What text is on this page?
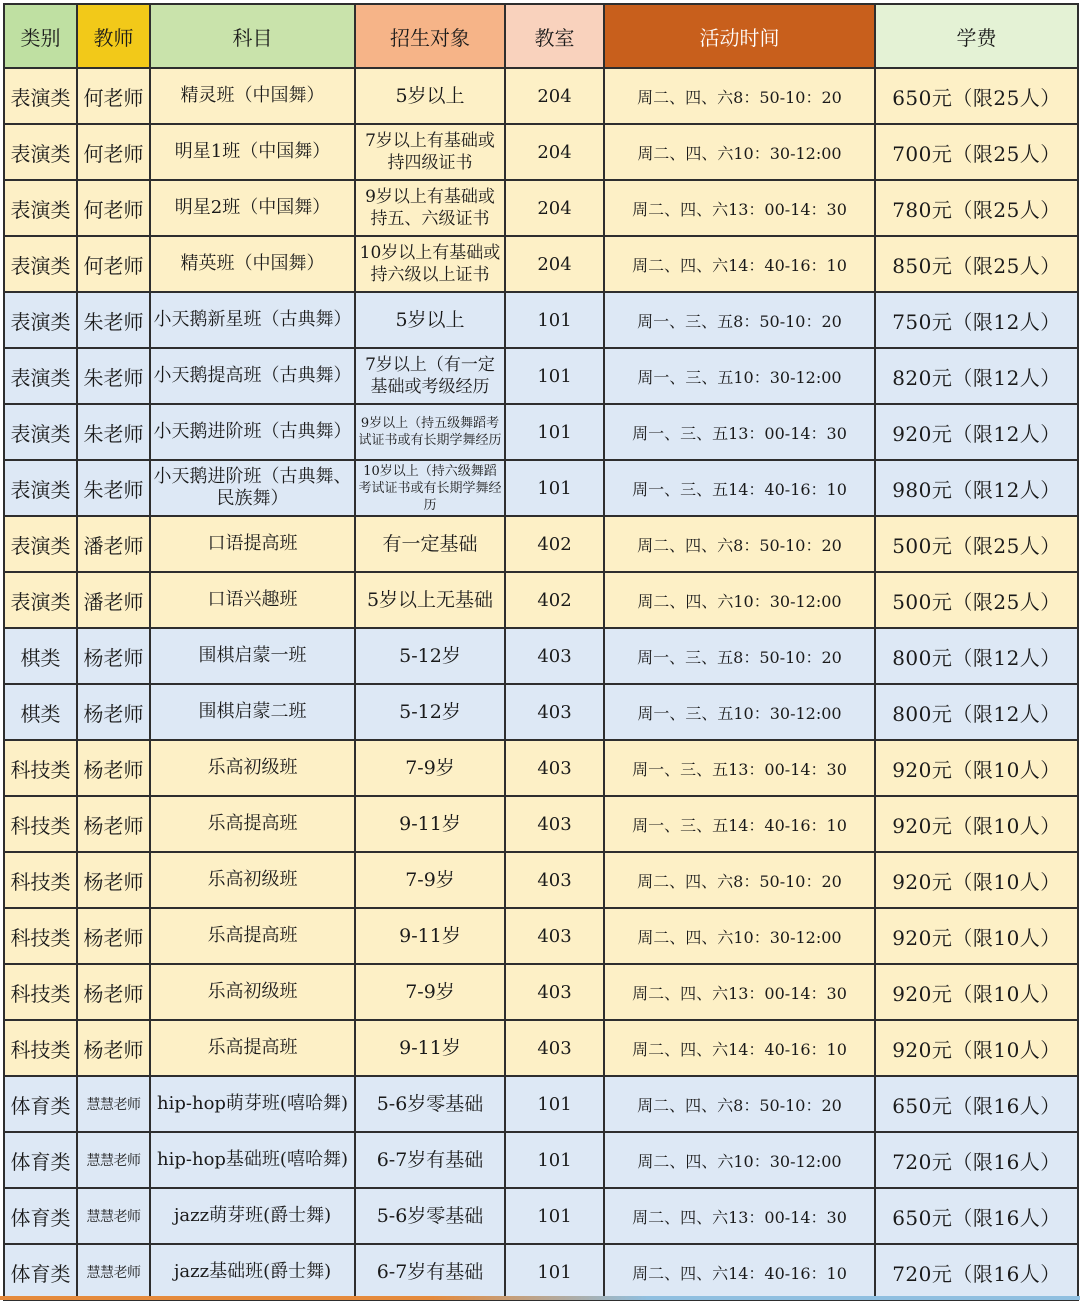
类别	教师	科目	招生对象	教室	活动时间	学费
表演类	何老师	精灵班（中国舞）	5岁以上	204	周二、四、六8：50-10：20	650元（限25人）
表演类	何老师	明星1班（中国舞）	7岁以上有基础或持四级证书	204	周二、四、六10：30-12:00	700元（限25人）
表演类	何老师	明星2班（中国舞）	9岁以上有基础或持五、六级证书	204	周二、四、六13：00-14：30	780元（限25人）
表演类	何老师	精英班（中国舞）	10岁以上有基础或持六级以上证书	204	周二、四、六14：40-16：10	850元（限25人）
表演类	朱老师	小天鹅新星班（古典舞）	5岁以上	101	周一、三、五8：50-10：20	750元（限12人）
表演类	朱老师	小天鹅提高班（古典舞）	7岁以上（有一定基础或考级经历	101	周一、三、五10：30-12:00	820元（限12人）
表演类	朱老师	小天鹅进阶班（古典舞）	9岁以上（持五级舞蹈考试证书或有长期学舞经历	101	周一、三、五13：00-14：30	920元（限12人）
表演类	朱老师	小天鹅进阶班（古典舞、民族舞）	10岁以上（持六级舞蹈考试证书或有长期学舞经历	101	周一、三、五14：40-16：10	980元（限12人）
表演类	潘老师	口语提高班	有一定基础	402	周二、四、六8：50-10：20	500元（限25人）
表演类	潘老师	口语兴趣班	5岁以上无基础	402	周二、四、六10：30-12:00	500元（限25人）
棋类	杨老师	围棋启蒙一班	5-12岁	403	周一、三、五8：50-10：20	800元（限12人）
棋类	杨老师	围棋启蒙二班	5-12岁	403	周一、三、五10：30-12:00	800元（限12人）
科技类	杨老师	乐高初级班	7-9岁	403	周一、三、五13：00-14：30	920元（限10人）
科技类	杨老师	乐高提高班	9-11岁	403	周一、三、五14：40-16：10	920元（限10人）
科技类	杨老师	乐高初级班	7-9岁	403	周二、四、六8：50-10：20	920元（限10人）
科技类	杨老师	乐高提高班	9-11岁	403	周二、四、六10：30-12:00	920元（限10人）
科技类	杨老师	乐高初级班	7-9岁	403	周二、四、六13：00-14：30	920元（限10人）
科技类	杨老师	乐高提高班	9-11岁	403	周二、四、六14：40-16：10	920元（限10人）
体育类	慧慧老师	hip-hop萌芽班(嘻哈舞)	5-6岁零基础	101	周二、四、六8：50-10：20	650元（限16人）
体育类	慧慧老师	hip-hop基础班(嘻哈舞)	6-7岁有基础	101	周二、四、六10：30-12:00	720元（限16人）
体育类	慧慧老师	jazz萌芽班(爵士舞)	5-6岁零基础	101	周二、四、六13：00-14：30	650元（限16人）
体育类	慧慧老师	jazz基础班(爵士舞)	6-7岁有基础	101	周二、四、六14：40-16：10	720元（限16人）
